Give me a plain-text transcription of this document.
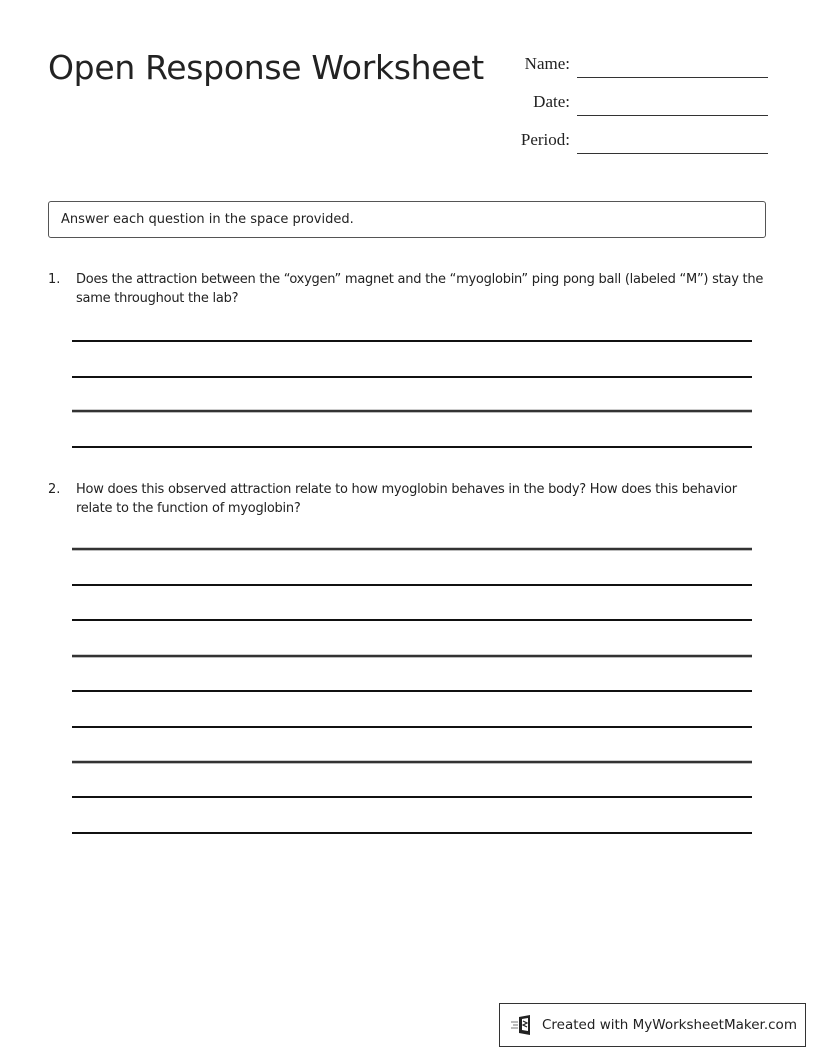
Open Response Worksheet Name:
Date:
Period:
Answer each question in the space provided.
1.	Does the attraction between the “oxygen” magnet and the “myoglobin” ping pong ball (labeled “M”) stay the same throughout the lab?
2.	How does this observed attraction relate to how myoglobin behaves in the body? How does this behavior relate to the function of myoglobin?
Created with MyWorksheetMaker.com
